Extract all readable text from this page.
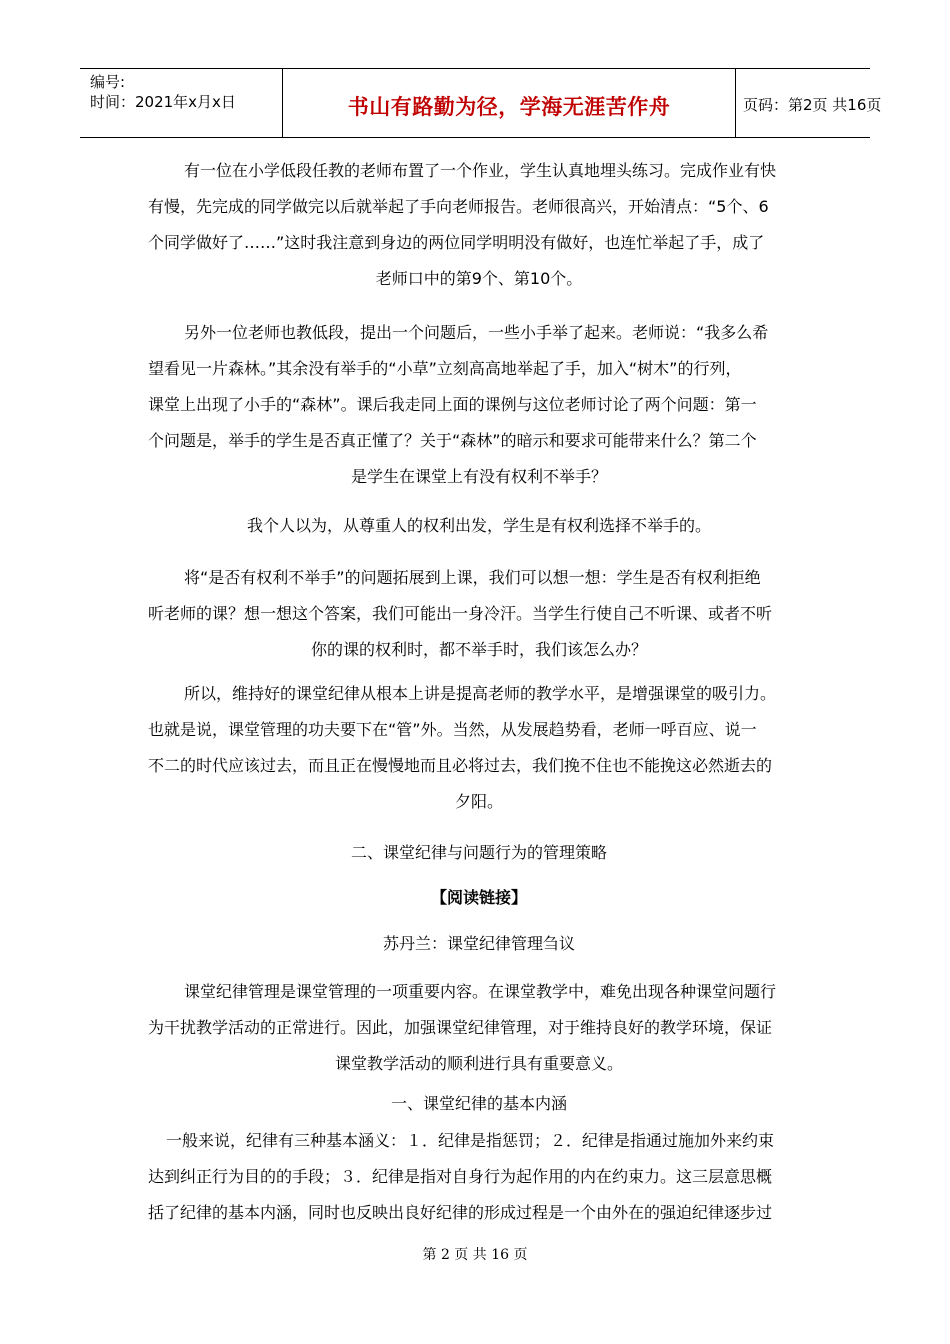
编号:
时间：2021年x月x日	书山有路勤为径，学海无涯苦作舟	页码：第2页 共16页
有一位在小学低段任教的老师布置了一个作业，学生认真地埋头练习。完成作业有快
有慢，先完成的同学做完以后就举起了手向老师报告。老师很高兴，开始清点：“5个、6
个同学做好了……”这时我注意到身边的两位同学明明没有做好，也连忙举起了手，成了
老师口中的第9个、第10个。
另外一位老师也教低段，提出一个问题后，一些小手举了起来。老师说：“我多么希
望看见一片森林。”其余没有举手的“小草”立刻高高地举起了手，加入“树木”的行列，
课堂上出现了小手的“森林”。课后我走同上面的课例与这位老师讨论了两个问题：第一
个问题是，举手的学生是否真正懂了？关于“森林”的暗示和要求可能带来什么？第二个
是学生在课堂上有没有权利不举手？
我个人以为，从尊重人的权利出发，学生是有权利选择不举手的。
将“是否有权利不举手”的问题拓展到上课，我们可以想一想：学生是否有权利拒绝
听老师的课？想一想这个答案，我们可能出一身冷汗。当学生行使自己不听课、或者不听
你的课的权利时，都不举手时，我们该怎么办？
所以，维持好的课堂纪律从根本上讲是提高老师的教学水平，是增强课堂的吸引力。
也就是说，课堂管理的功夫要下在“管”外。当然，从发展趋势看，老师一呼百应、说一
不二的时代应该过去，而且正在慢慢地而且必将过去，我们挽不住也不能挽这必然逝去的
夕阳。
二、课堂纪律与问题行为的管理策略
【阅读链接】
苏丹兰：课堂纪律管理刍议
课堂纪律管理是课堂管理的一项重要内容。在课堂教学中，难免出现各种课堂问题行
为干扰教学活动的正常进行。因此，加强课堂纪律管理，对于维持良好的教学环境，保证
课堂教学活动的顺利进行具有重要意义。
一、课堂纪律的基本内涵
一般来说，纪律有三种基本涵义：１．纪律是指惩罚；２．纪律是指通过施加外来约束
达到纠正行为目的的手段；３．纪律是指对自身行为起作用的内在约束力。这三层意思概
括了纪律的基本内涵，同时也反映出良好纪律的形成过程是一个由外在的强迫纪律逐步过
第 2 页 共 16 页
